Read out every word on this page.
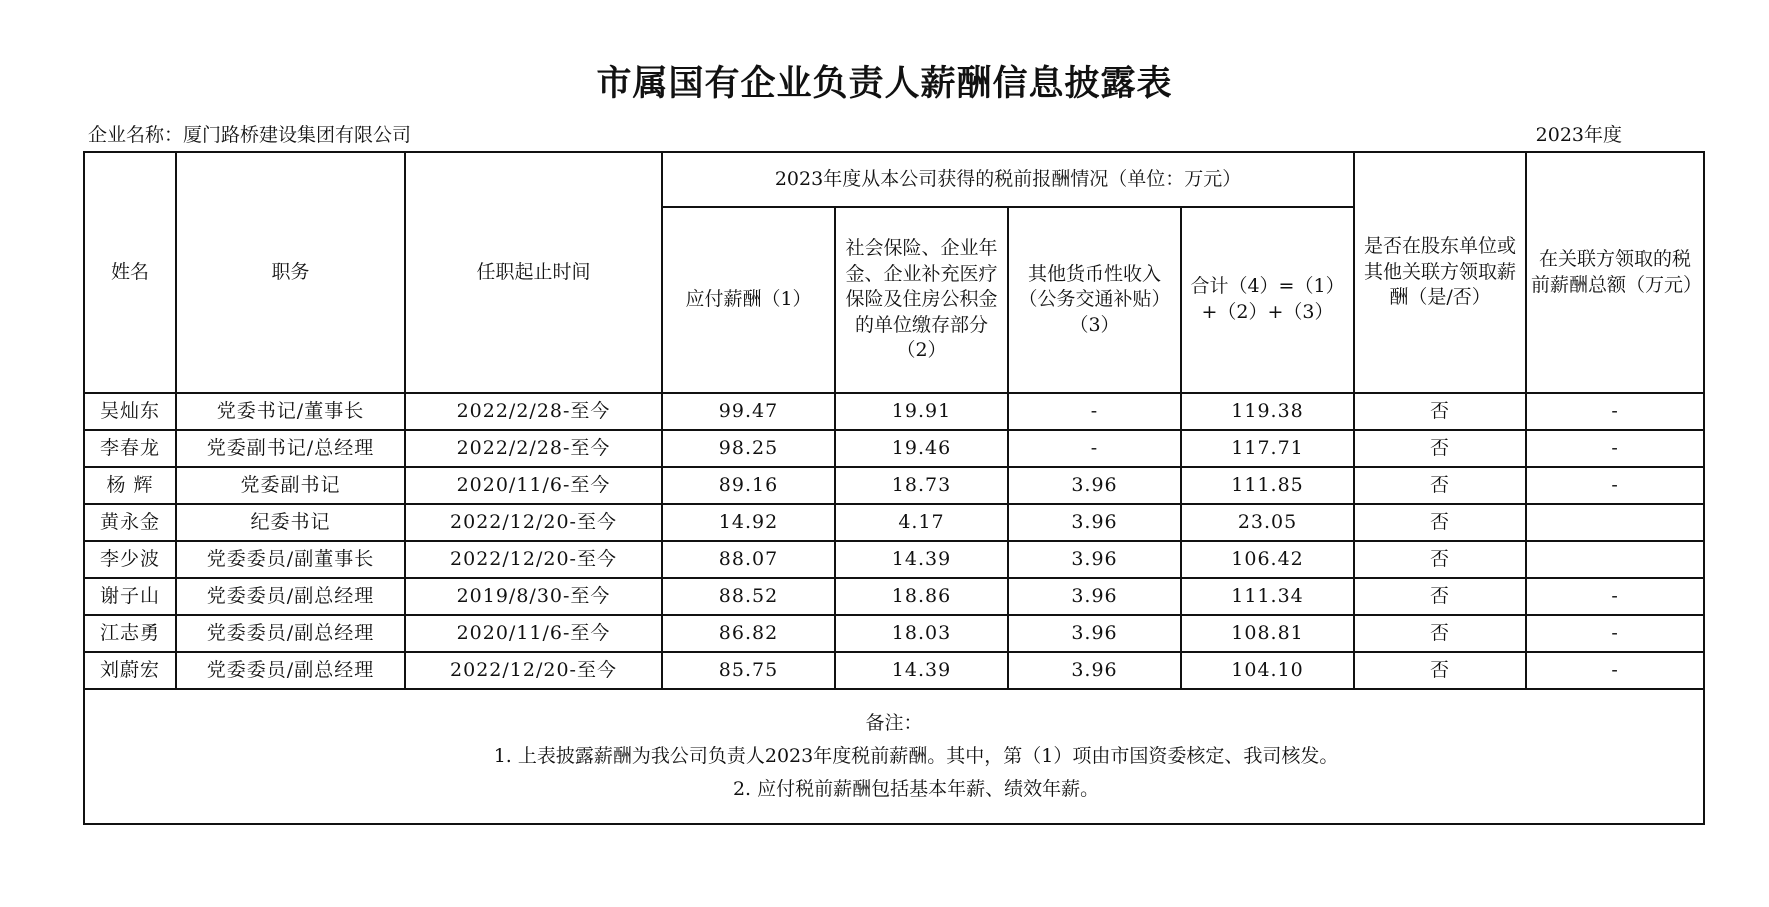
市属国有企业负责人薪酬信息披露表
企业名称：厦门路桥建设集团有限公司	2023年度
姓名	职务	任职起止时间	2023年度从本公司获得的税前报酬情况（单位：万元）				是否在股东单位或其他关联方领取薪酬（是/否）	在关联方领取的税前薪酬总额（万元）
			应付薪酬（1）	社会保险、企业年金、企业补充医疗保险及住房公积金的单位缴存部分（2）	其他货币性收入（公务交通补贴）（3）	合计（4）=（1）+（2）+（3）		
吴灿东	党委书记/董事长	2022/2/28-至今	99.47	19.91	-	119.38	否	-
李春龙	党委副书记/总经理	2022/2/28-至今	98.25	19.46	-	117.71	否	-
杨 辉	党委副书记	2020/11/6-至今	89.16	18.73	3.96	111.85	否	-
黄永金	纪委书记	2022/12/20-至今	14.92	4.17	3.96	23.05	否	
李少波	党委委员/副董事长	2022/12/20-至今	88.07	14.39	3.96	106.42	否	
谢子山	党委委员/副总经理	2019/8/30-至今	88.52	18.86	3.96	111.34	否	-
江志勇	党委委员/副总经理	2020/11/6-至今	86.82	18.03	3.96	108.81	否	-
刘蔚宏	党委委员/副总经理	2022/12/20-至今	85.75	14.39	3.96	104.10	否	-

备注：
1. 上表披露薪酬为我公司负责人2023年度税前薪酬。其中，第（1）项由市国资委核定、我司核发。
2. 应付税前薪酬包括基本年薪、绩效年薪。								
